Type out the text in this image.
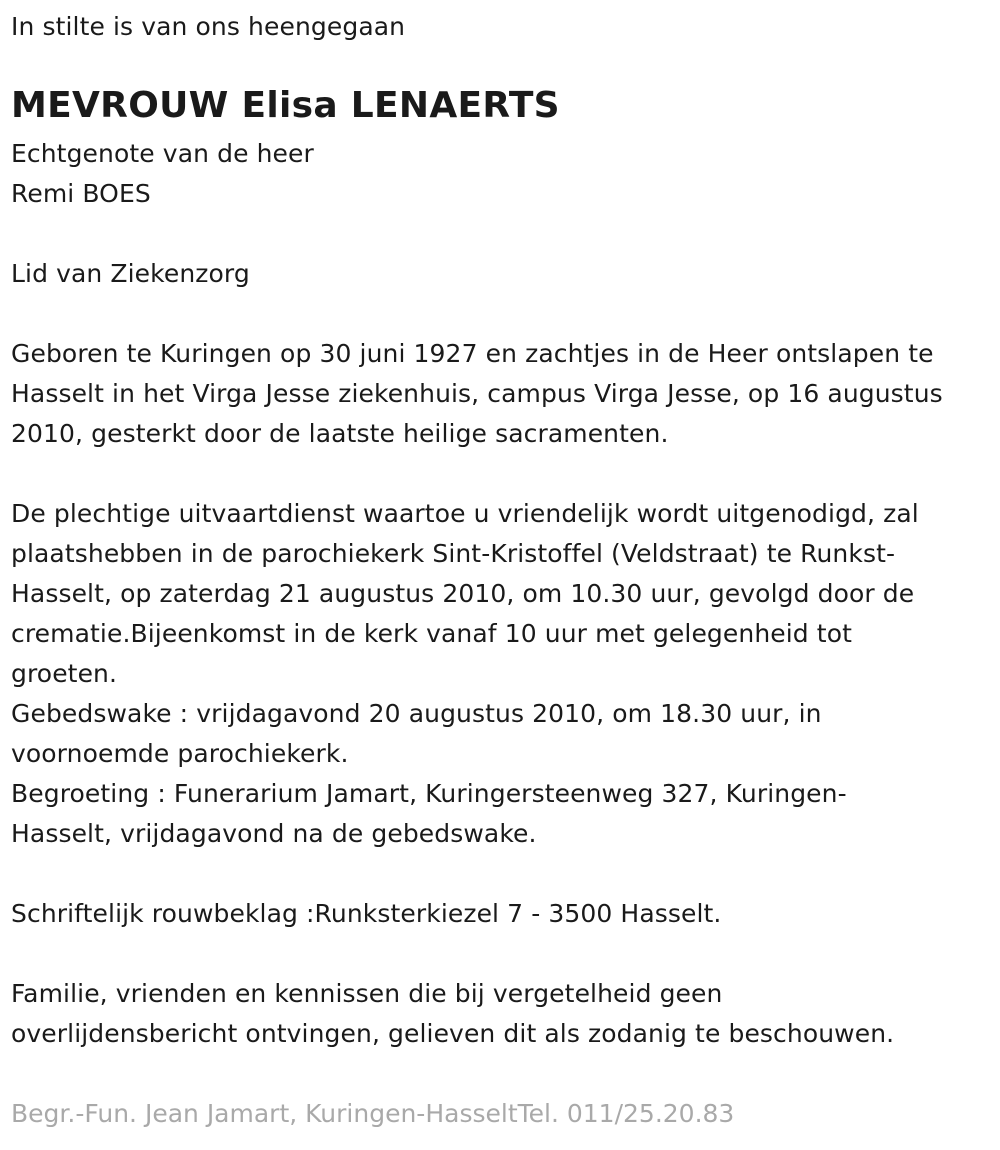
In stilte is van ons heengegaan
MEVROUW Elisa LENAERTS
Echtgenote van de heer
Remi BOES
Lid van Ziekenzorg
Geboren te Kuringen op 30 juni 1927 en zachtjes in de Heer ontslapen te
Hasselt in het Virga Jesse ziekenhuis, campus Virga Jesse, op 16 augustus
2010, gesterkt door de laatste heilige sacramenten.
De plechtige uitvaartdienst waartoe u vriendelijk wordt uitgenodigd, zal
plaatshebben in de parochiekerk Sint-Kristoffel (Veldstraat) te Runkst-
Hasselt, op zaterdag 21 augustus 2010, om 10.30 uur, gevolgd door de
crematie.Bijeenkomst in de kerk vanaf 10 uur met gelegenheid tot
groeten.
Gebedswake : vrijdagavond 20 augustus 2010, om 18.30 uur, in
voornoemde parochiekerk.
Begroeting : Funerarium Jamart, Kuringersteenweg 327, Kuringen-
Hasselt, vrijdagavond na de gebedswake.
Schriftelijk rouwbeklag :Runksterkiezel 7 - 3500 Hasselt.
Familie, vrienden en kennissen die bij vergetelheid geen
overlijdensbericht ontvingen, gelieven dit als zodanig te beschouwen.
Begr.-Fun. Jean Jamart, Kuringen-HasseltTel. 011/25.20.83
